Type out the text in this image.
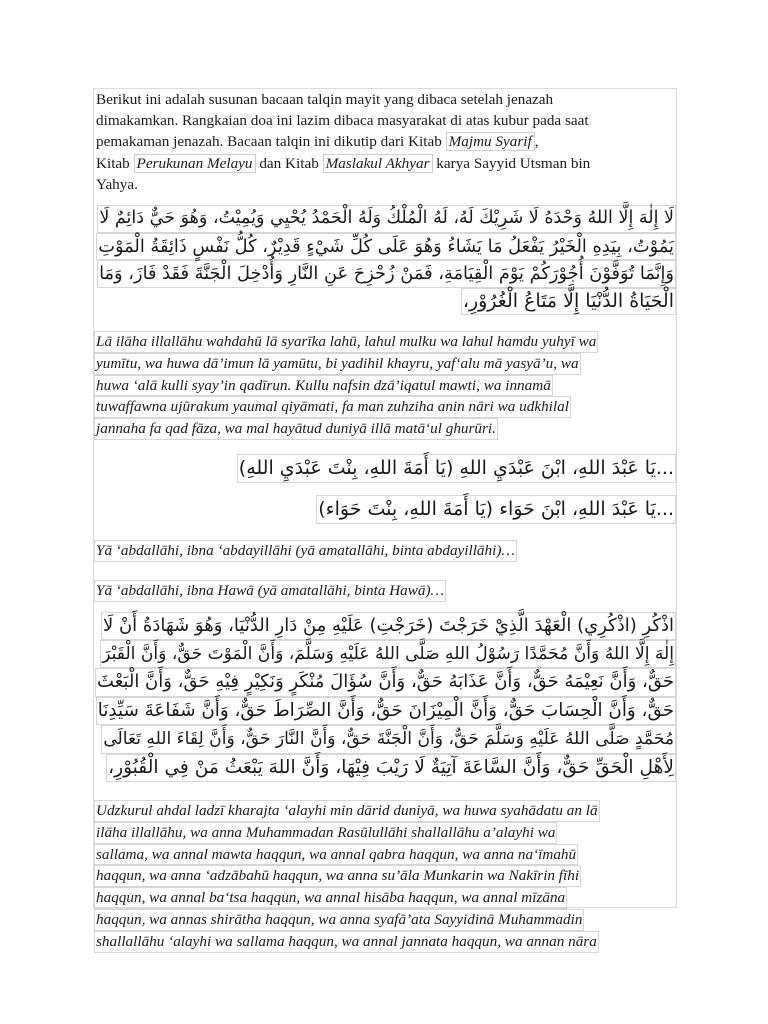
Berikut ini adalah susunan bacaan talqin mayit yang dibaca setelah jenazah
dimakamkan. Rangkaian doa ini lazim dibaca masyarakat di atas kubur pada saat
pemakaman jenazah. Bacaan talqin ini dikutip dari Kitab Majmu Syarif ,
Kitab Perukunan Melayu dan Kitab Maslakul Akhyar karya Sayyid Utsman bin
Yahya.
لَا إِلٰهَ إِلَّا اللهُ وَحْدَهُ لَا شَرِيْكَ لَهُ، لَهُ الْمُلْكُ وَلَهُ الْحَمْدُ يُحْيِي وَيُمِيْتُ، وَهُوَ حَيٌّ دَائِمٌ لَا
يَمُوْتُ، بِيَدِهِ الْخَيْرُ يَفْعَلُ مَا يَشَاءُ وَهُوَ عَلَى كُلِّ شَيْءٍ قَدِيْرٌ، كُلُّ نَفْسٍ ذَائِقَةُ الْمَوْتِ
وَإِنَّمَا تُوَفَّوْنَ أُجُوْرَكُمْ يَوْمَ الْقِيَامَةِ، فَمَنْ زُحْزِحَ عَنِ النَّارِ وَأُدْخِلَ الْجَنَّةَ فَقَدْ فَازَ، وَمَا
الْحَيَاةُ الدُّنْيَا إِلَّا مَتَاعُ الْغُرُوْرِ،
Lā ilāha illallāhu wahdahū lā syarīka lahū, lahul mulku wa lahul hamdu yuhyī wa
yumītu, wa huwa dā’imun lā yamūtu, bi yadihil khayru, yaf‘alu mā yasyā’u, wa
huwa ‘alā kulli syay’in qadīrun. Kullu nafsin dzā’iqatul mawti, wa innamā
tuwaffawna ujūrakum yaumal qiyāmati, fa man zuhziha anin nāri wa udkhilal
jannaha fa qad fāza, wa mal hayātud duniyā illā matā‘ul ghurūri.
...يَا عَبْدَ اللهِ، ابْنَ عَبْدَيِ اللهِ (يَا أَمَةَ اللهِ، بِنْتَ عَبْدَيِ اللهِ)
...يَا عَبْدَ اللهِ، ابْنَ حَوَاء (يَا أَمَةَ اللهِ، بِنْتَ حَوَاء)
Yā ‘abdallāhi, ibna ‘abdayillāhi (yā amatallāhi, binta abdayillāhi)…
Yā ‘abdallāhi, ibna Hawā (yā amatallāhi, binta Hawā)…
اذْكُرِ (اذْكُرِي) الْعَهْدَ الَّذِيْ خَرَجْتَ (خَرَجْتِ) عَلَيْهِ مِنْ دَارِ الدُّنْيَا، وَهُوَ شَهَادَةُ أَنْ لَا
إِلٰهَ إِلَّا اللهُ وَأَنَّ مُحَمَّدًا رَسُوْلُ اللهِ صَلَّى اللهُ عَلَيْهِ وَسَلَّمَ، وَأَنَّ الْمَوْتَ حَقٌّ، وَأَنَّ الْقَبْرَ
حَقٌّ، وَأَنَّ نَعِيْمَهُ حَقٌّ، وَأَنَّ عَذَابَهُ حَقٌّ، وَأَنَّ سُؤَالَ مُنْكَرٍ وَنَكِيْرٍ فِيْهِ حَقٌّ، وَأَنَّ الْبَعْثَ
حَقٌّ، وَأَنَّ الْحِسَابَ حَقٌّ، وَأَنَّ الْمِيْزَانَ حَقٌّ، وَأَنَّ الصِّرَاطَ حَقٌّ، وَأَنَّ شَفَاعَةَ سَيِّدِنَا
مُحَمَّدٍ صَلَّى اللهُ عَلَيْهِ وَسَلَّمَ حَقٌّ، وَأَنَّ الْجَنَّةَ حَقٌّ، وَأَنَّ النَّارَ حَقٌّ، وَأَنَّ لِقَاءَ اللهِ تَعَالَى
لِأَهْلِ الْحَقِّ حَقٌّ، وَأَنَّ السَّاعَةَ آتِيَةٌ لَا رَيْبَ فِيْهَا، وَأَنَّ اللهَ يَبْعَثُ مَنْ فِي الْقُبُوْرِ،
Udzkurul ahdal ladzī kharajta ‘alayhi min dārid duniyā, wa huwa syahādatu an lā
ilāha illallāhu, wa anna Muhammadan Rasūlullāhi shallallāhu a’alayhi wa
sallama, wa annal mawta haqqun, wa annal qabra haqqun, wa anna na‘īmahū
haqqun, wa anna ‘adzābahū haqqun, wa anna su’āla Munkarin wa Nakīrin fīhi
haqqun, wa annal ba‘tsa haqqun, wa annal hisāba haqqun, wa annal mīzāna
haqqun, wa annas shirātha haqqun, wa anna syafā’ata Sayyidinā Muhammadin
shallallāhu ‘alayhi wa sallama haqqun, wa annal jannata haqqun, wa annan nāra
